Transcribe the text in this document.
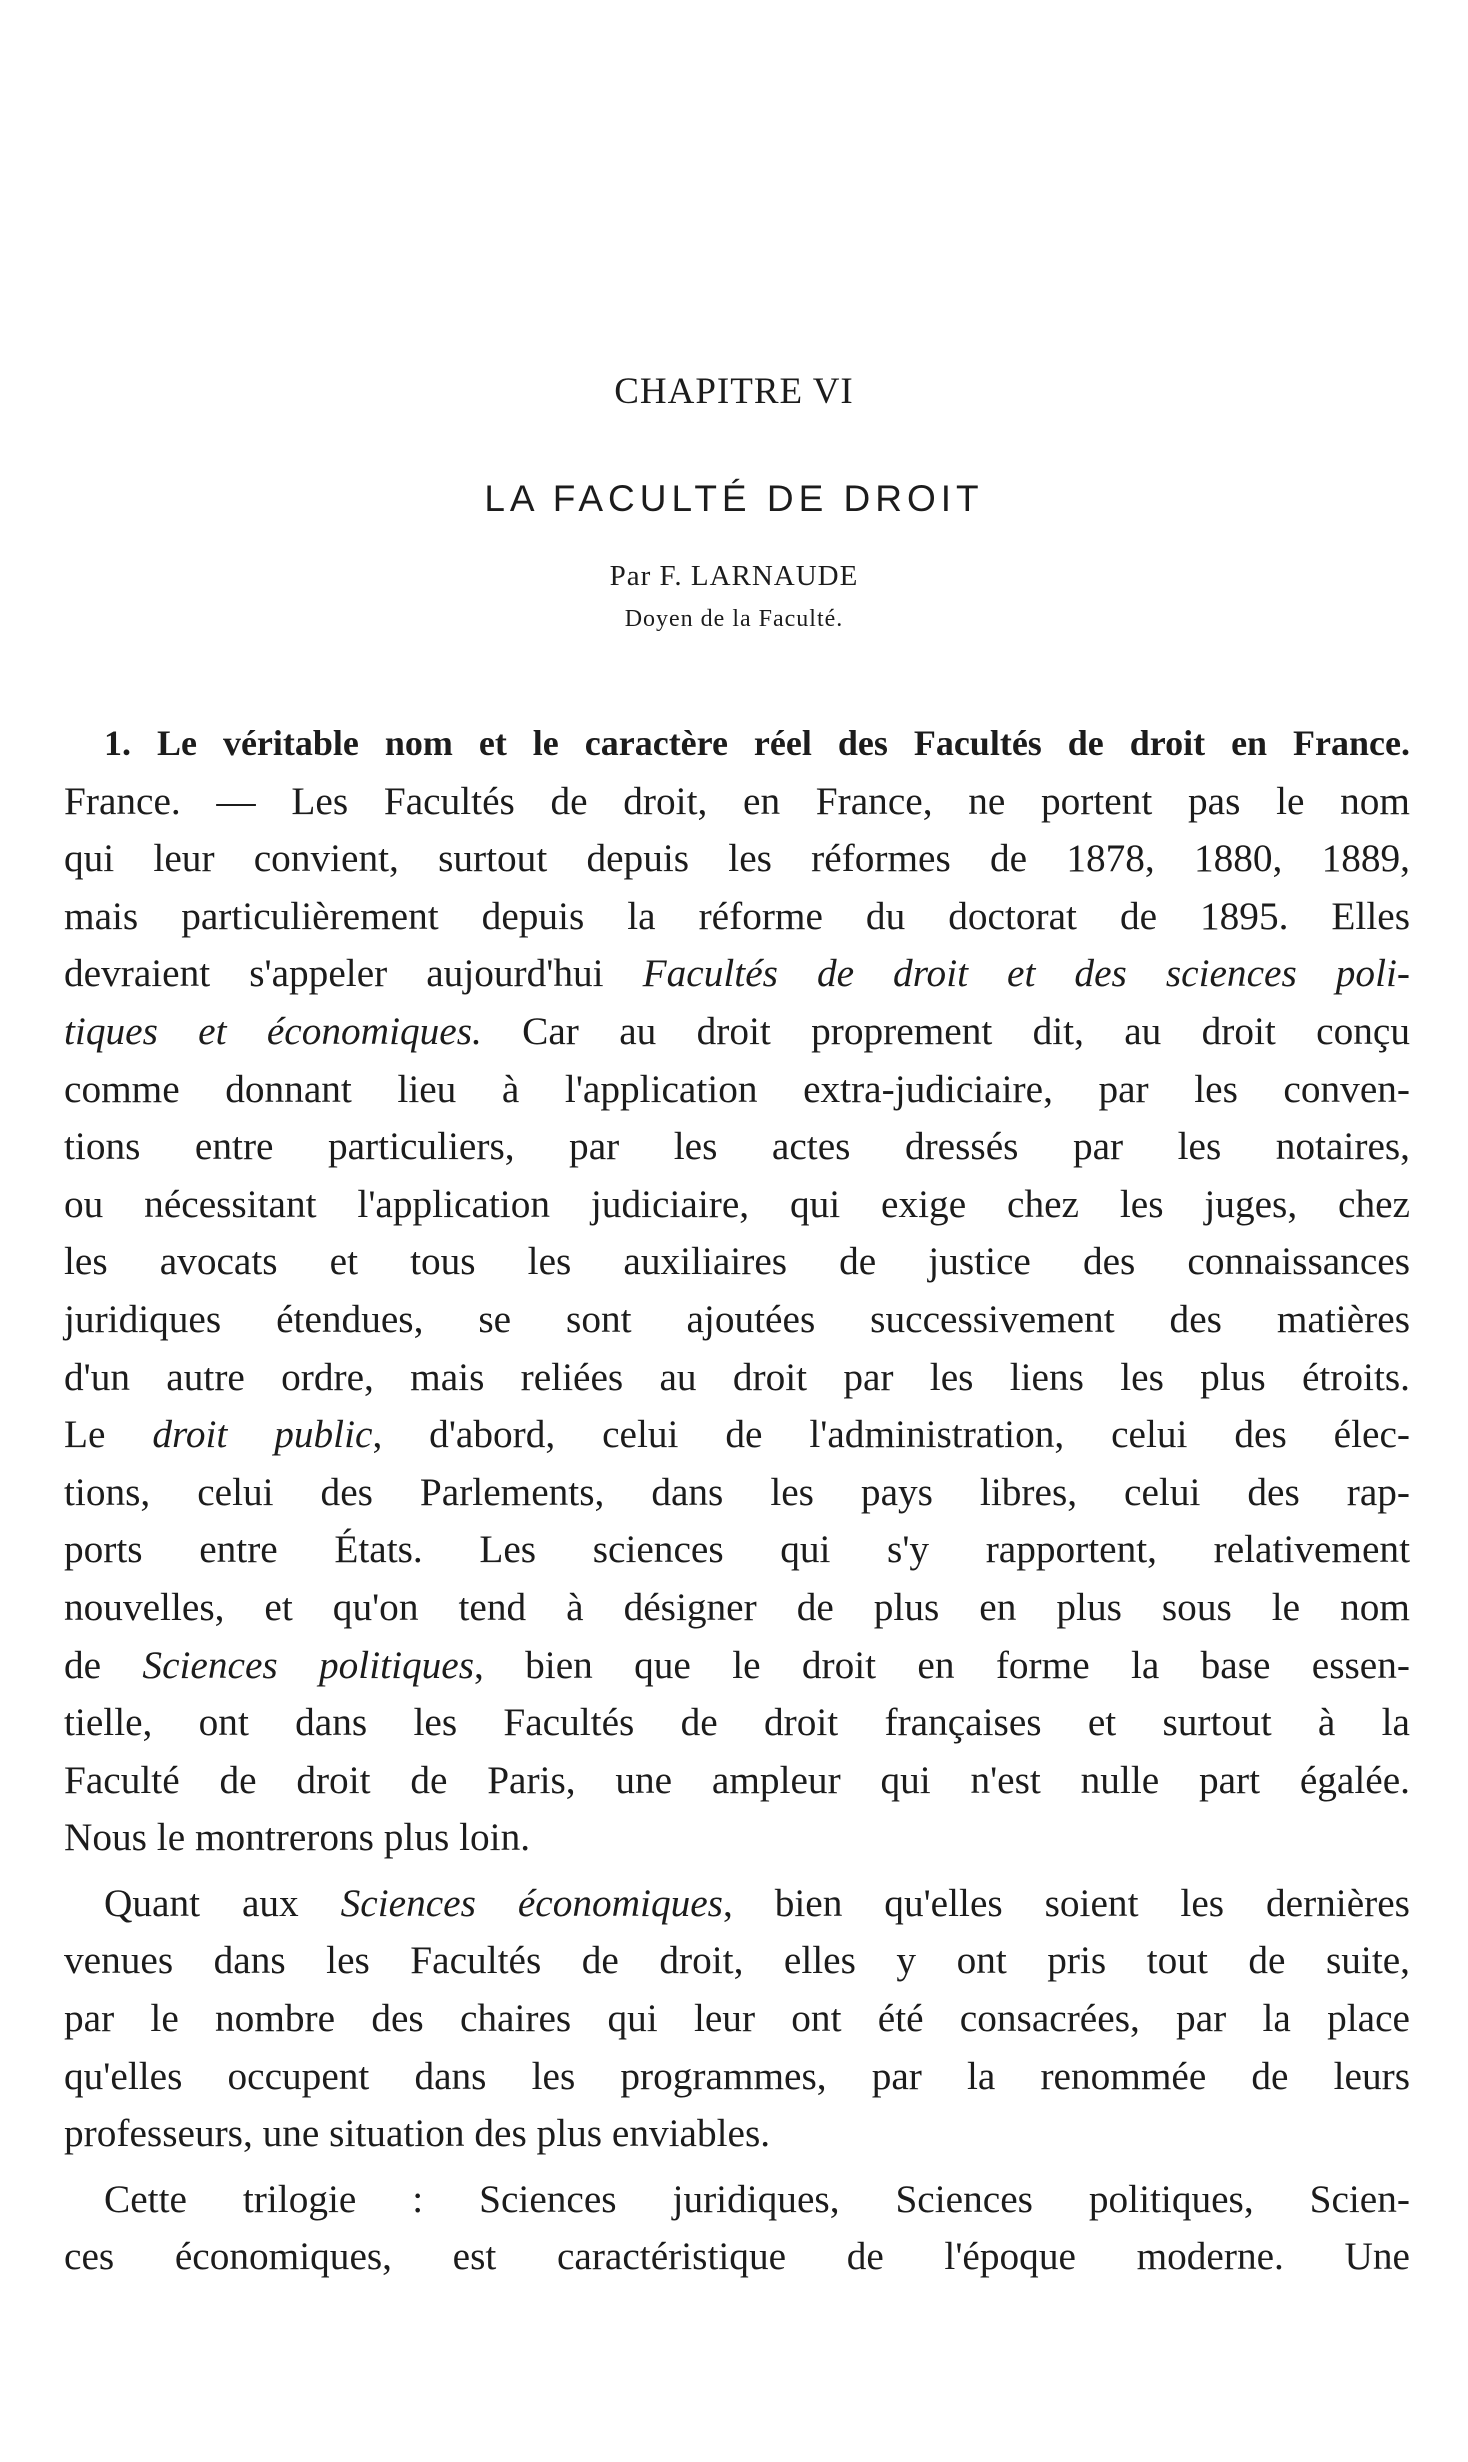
CHAPITRE VI
LA FACULTÉ DE DROIT
Par F. LARNAUDE
Doyen de la Faculté.

1. Le véritable nom et le caractère réel des Facultés de droit en France.
France. — Les Facultés de droit, en France, ne portent pas le nom
qui leur convient, surtout depuis les réformes de 1878, 1880, 1889,
mais particulièrement depuis la réforme du doctorat de 1895. Elles
devraient s'appeler aujourd'hui Facultés de droit et des sciences poli-
tiques et économiques. Car au droit proprement dit, au droit conçu
comme donnant lieu à l'application extra-judiciaire, par les conven-
tions entre particuliers, par les actes dressés par les notaires,
ou nécessitant l'application judiciaire, qui exige chez les juges, chez
les avocats et tous les auxiliaires de justice des connaissances
juridiques étendues, se sont ajoutées successivement des matières
d'un autre ordre, mais reliées au droit par les liens les plus étroits.
Le droit public, d'abord, celui de l'administration, celui des élec-
tions, celui des Parlements, dans les pays libres, celui des rap-
ports entre États. Les sciences qui s'y rapportent, relativement
nouvelles, et qu'on tend à désigner de plus en plus sous le nom
de Sciences politiques, bien que le droit en forme la base essen-
tielle, ont dans les Facultés de droit françaises et surtout à la
Faculté de droit de Paris, une ampleur qui n'est nulle part égalée.
Nous le montrerons plus loin.

Quant aux Sciences économiques, bien qu'elles soient les dernières
venues dans les Facultés de droit, elles y ont pris tout de suite,
par le nombre des chaires qui leur ont été consacrées, par la place
qu'elles occupent dans les programmes, par la renommée de leurs
professeurs, une situation des plus enviables.

Cette trilogie : Sciences juridiques, Sciences politiques, Scien-
ces économiques, est caractéristique de l'époque moderne. Une
